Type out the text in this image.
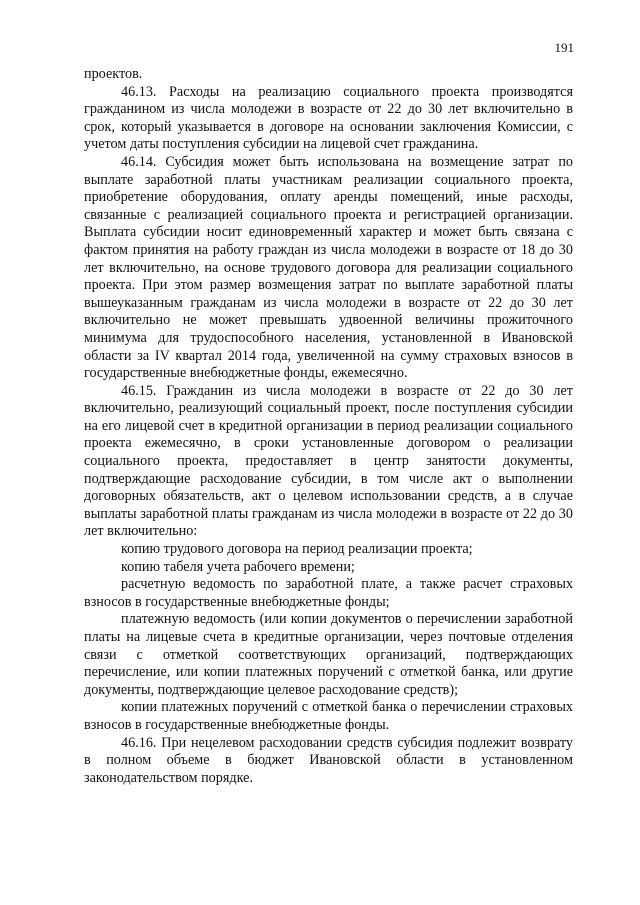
191

проектов.

46.13. Расходы на реализацию социального проекта производятся гражданином из числа молодежи в возрасте от 22 до 30 лет включительно в срок, который указывается в договоре на основании заключения Комиссии, с учетом даты поступления субсидии на лицевой счет гражданина.

46.14. Субсидия может быть использована на возмещение затрат по выплате заработной платы участникам реализации социального проекта, приобретение оборудования, оплату аренды помещений, иные расходы, связанные с реализацией социального проекта и регистрацией организации. Выплата субсидии носит единовременный характер и может быть связана с фактом принятия на работу граждан из числа молодежи в возрасте от 18 до 30 лет включительно, на основе трудового договора для реализации социального проекта. При этом размер возмещения затрат по выплате заработной платы вышеуказанным гражданам из числа молодежи в возрасте от 22 до 30 лет включительно не может превышать удвоенной величины прожиточного минимума для трудоспособного населения, установленной в Ивановской области за IV квартал 2014 года, увеличенной на сумму страховых взносов в государственные внебюджетные фонды, ежемесячно.

46.15. Гражданин из числа молодежи в возрасте от 22 до 30 лет включительно, реализующий социальный проект, после поступления субсидии на его лицевой счет в кредитной организации в период реализации социального проекта ежемесячно, в сроки установленные договором о реализации социального проекта, предоставляет в центр занятости документы, подтверждающие расходование субсидии, в том числе акт о выполнении договорных обязательств, акт о целевом использовании средств, а в случае выплаты заработной платы гражданам из числа молодежи в возрасте от 22 до 30 лет включительно:

копию трудового договора на период реализации проекта;

копию табеля учета рабочего времени;

расчетную ведомость по заработной плате, а также расчет страховых взносов в государственные внебюджетные фонды;

платежную ведомость (или копии документов о перечислении заработной платы на лицевые счета в кредитные организации, через почтовые отделения связи с отметкой соответствующих организаций, подтверждающих перечисление, или копии платежных поручений с отметкой банка, или другие документы, подтверждающие целевое расходование средств);

копии платежных поручений с отметкой банка о перечислении страховых взносов в государственные внебюджетные фонды.

46.16. При нецелевом расходовании средств субсидия подлежит возврату в полном объеме в бюджет Ивановской области в установленном законодательством порядке.
